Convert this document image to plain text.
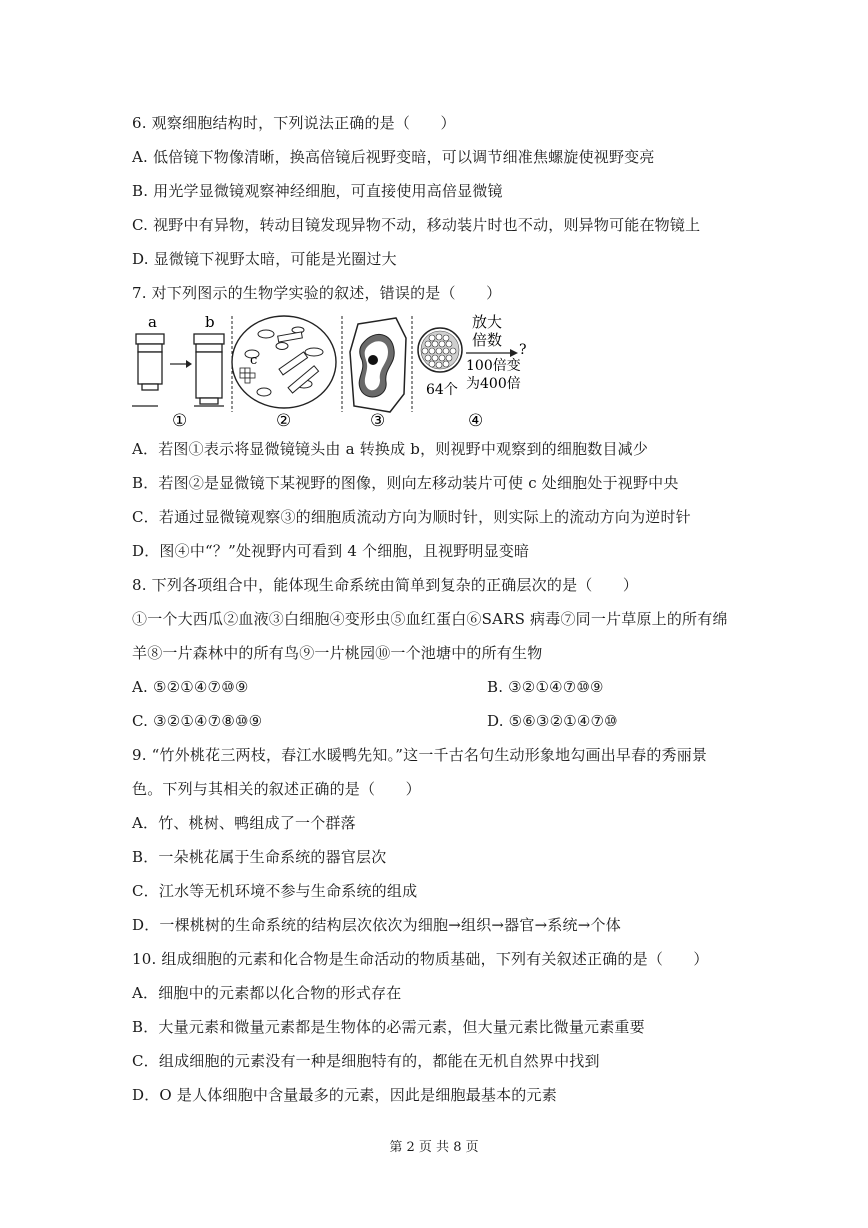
6. 观察细胞结构时，下列说法正确的是（　　）
A. 低倍镜下物像清晰，换高倍镜后视野变暗，可以调节细准焦螺旋使视野变亮
B. 用光学显微镜观察神经细胞，可直接使用高倍显微镜
C. 视野中有异物，转动目镜发现异物不动，移动装片时也不动，则异物可能在物镜上
D. 显微镜下视野太暗，可能是光圈过大
7. 对下列图示的生物学实验的叙述，错误的是（　　）
a	b
①
c
②	③
64个
放大
倍数
?
100倍变
为400倍
④
A．若图①表示将显微镜镜头由 a 转换成 b，则视野中观察到的细胞数目减少
B．若图②是显微镜下某视野的图像，则向左移动装片可使 c 处细胞处于视野中央
C．若通过显微镜观察③的细胞质流动方向为顺时针，则实际上的流动方向为逆时针
D．图④中“？”处视野内可看到 4 个细胞，且视野明显变暗
8. 下列各项组合中，能体现生命系统由简单到复杂的正确层次的是（　　）
①一个大西瓜②血液③白细胞④变形虫⑤血红蛋白⑥SARS 病毒⑦同一片草原上的所有绵
羊⑧一片森林中的所有鸟⑨一片桃园⑩一个池塘中的所有生物
A. ⑤②①④⑦⑩⑨	B. ③②①④⑦⑩⑨
C. ③②①④⑦⑧⑩⑨	D. ⑤⑥③②①④⑦⑩
9. “竹外桃花三两枝，春江水暖鸭先知。”这一千古名句生动形象地勾画出早春的秀丽景
色。下列与其相关的叙述正确的是（　　）
A．竹、桃树、鸭组成了一个群落
B．一朵桃花属于生命系统的器官层次
C．江水等无机环境不参与生命系统的组成
D．一棵桃树的生命系统的结构层次依次为细胞→组织→器官→系统→个体
10. 组成细胞的元素和化合物是生命活动的物质基础，下列有关叙述正确的是（　　）
A．细胞中的元素都以化合物的形式存在
B．大量元素和微量元素都是生物体的必需元素，但大量元素比微量元素重要
C．组成细胞的元素没有一种是细胞特有的，都能在无机自然界中找到
D．O 是人体细胞中含量最多的元素，因此是细胞最基本的元素
第 2 页 共 8 页
